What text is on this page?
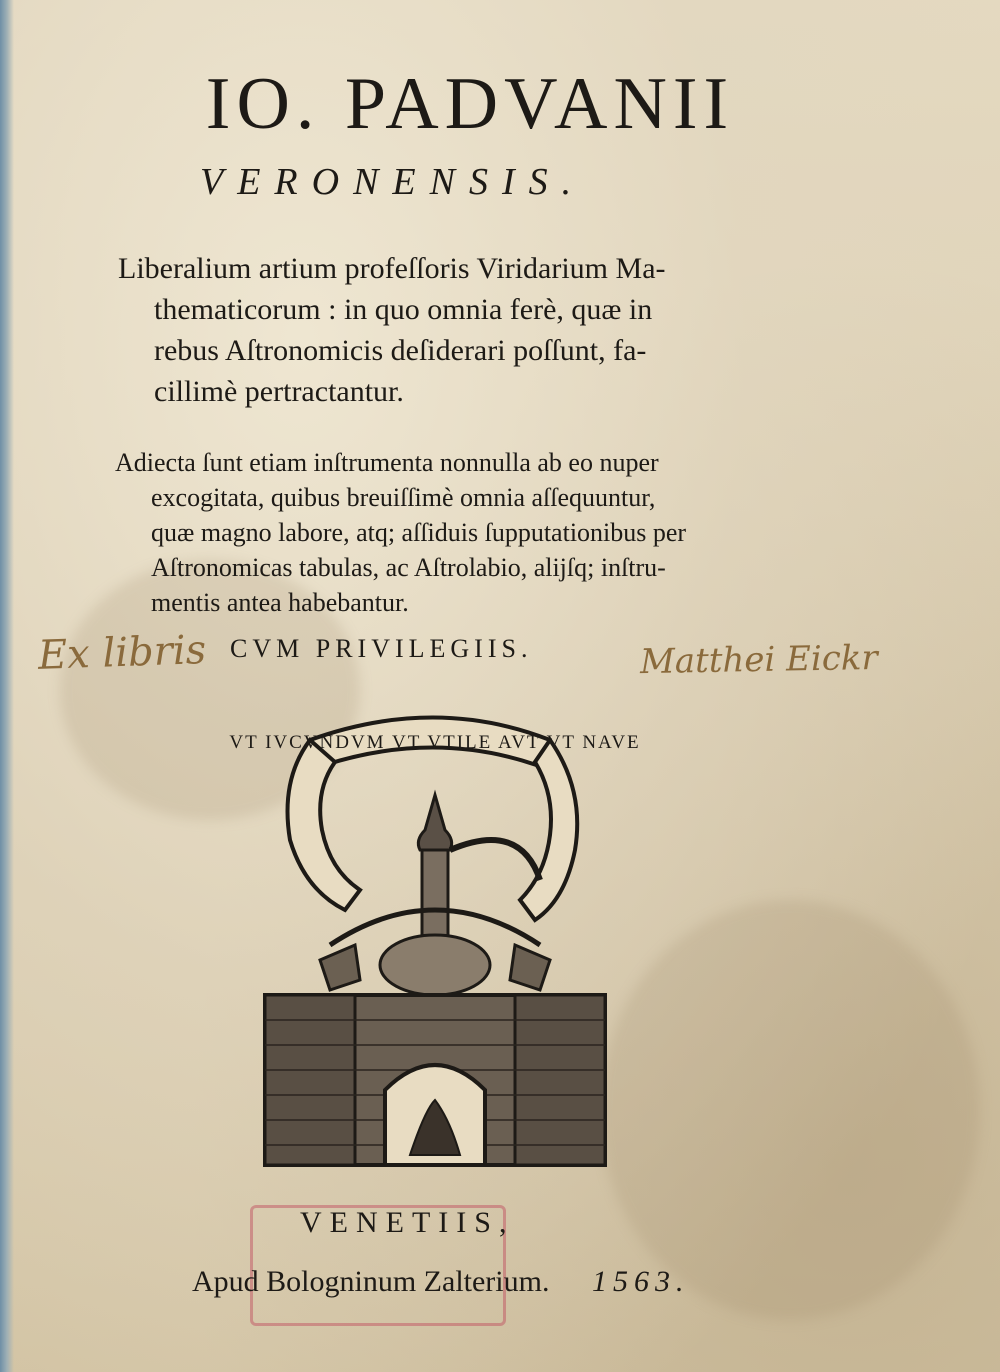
IO. PADVANII
VERONENSIS.
Liberalium artium profeſſoris Viridarium Ma-
thematicorum : in quo omnia ferè, quæ in
rebus Aſtronomicis deſiderari poſſunt, fa-
cillimè pertractantur.
Adiecta ſunt etiam inſtrumenta nonnulla ab eo nuper
excogitata, quibus breuiſſimè omnia aſſequuntur,
quæ magno labore, atq; aſſiduis ſupputationibus per
Aſtronomicas tabulas, ac Aſtrolabio, alijſq; inſtru-
mentis antea habebantur.
Ex libris CVM PRIVILEGIIS.	Matthei Eickr
VT IVCVNDVM VT VTILE AVT VT NAVE
VENETIIS,
Apud Bologninum Zalterium. 1563.
